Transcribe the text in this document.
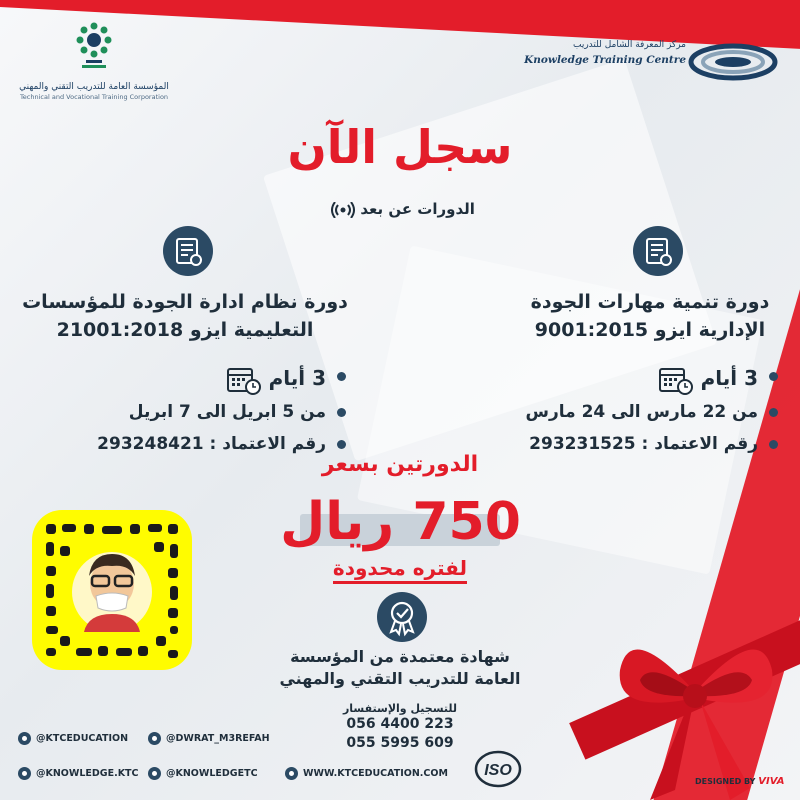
المؤسسة العامة للتدريب التقني والمهني
Technical and Vocational Training Corporation
مركز المعرفة الشامل للتدريب
Knowledge Training Centre
سجل الآن
الدورات عن بعد
دورة تنمية مهارات الجودة
الإدارية ايزو 9001:2015
دورة نظام ادارة الجودة للمؤسسات
التعليمية ايزو 21001:2018
3 أيام
من 22 مارس الى 24 مارس
رقم الاعتماد : 293231525
3 أيام
من 5 ابريل الى 7 ابريل
رقم الاعتماد : 293248421
الدورتين بسعر
750 ريال
لفتره محدودة
شهادة معتمدة من المؤسسة
العامة للتدريب التقني والمهني
للتسجيل والإستفسار
056 4400 223
055 5995 609
@KTCEDUCATION	@DWRAT_M3REFAH
@KNOWLEDGE.KTC	@KNOWLEDGETC	WWW.KTCEDUCATION.COM ISO
DESIGNED BY VIVA
